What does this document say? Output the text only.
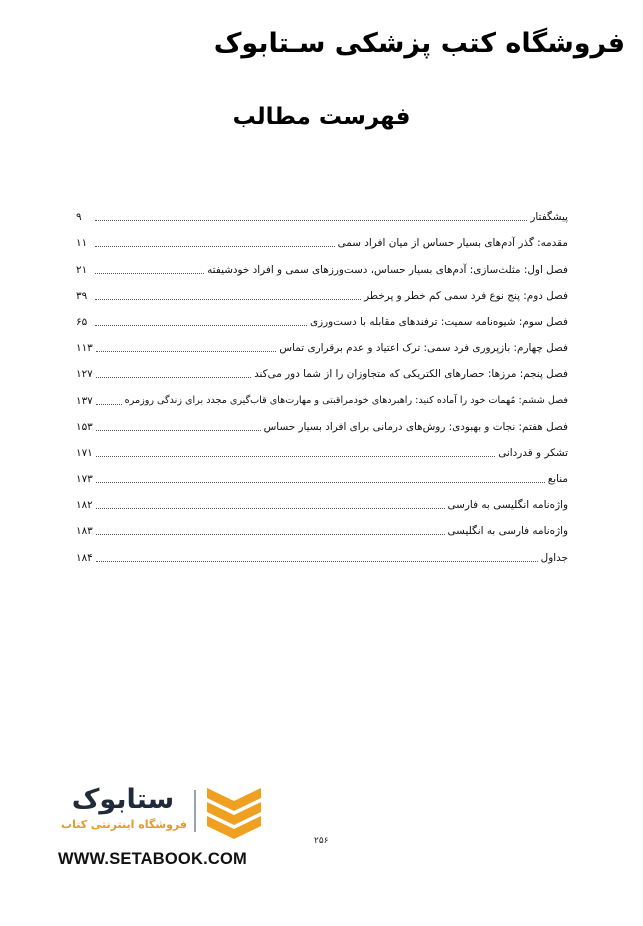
فروشگاه کتب پزشکی سـتابوک
فهرست مطالب
پیشگفتار
۹
مقدمه: گذر آدم‌های بسیار حساس از میان افراد سمی
۱۱
فصل اول: مثلث‌سازی: آدم‌های بسیار حساس، دست‌ورزهای سمی و افراد خودشیفته
۲۱
فصل دوم: پنج نوع فرد سمی کم خطر و پرخطر
۳۹
فصل سوم: شیوه‌نامه سمیت: ترفندهای مقابله با دست‌ورزی
۶۵
فصل چهارم: بازپروری فرد سمی: ترک اعتیاد و عدم برقراری تماس
۱۱۳
فصل پنجم: مرزها: حصارهای الکتریکی که متجاوزان را از شما دور می‌کند
۱۲۷
فصل ششم: مُهمات خود را آماده کنید: راهبردهای خودمراقبتی و مهارت‌های قاب‌گیری مجدد برای زندگی روزمره
۱۳۷
فصل هفتم: نجات و بهبودی: روش‌های درمانی برای افراد بسیار حساس
۱۵۳
تشکر و قدردانی
۱۷۱
منابع
۱۷۳
واژه‌نامه انگلیسی به فارسی
۱۸۲
واژه‌نامه فارسی به انگلیسی
۱۸۳
جداول
۱۸۴
۲۵۶
ستابوک
فروشگاه اینترنتی کتاب
WWW.SETABOOK.COM
